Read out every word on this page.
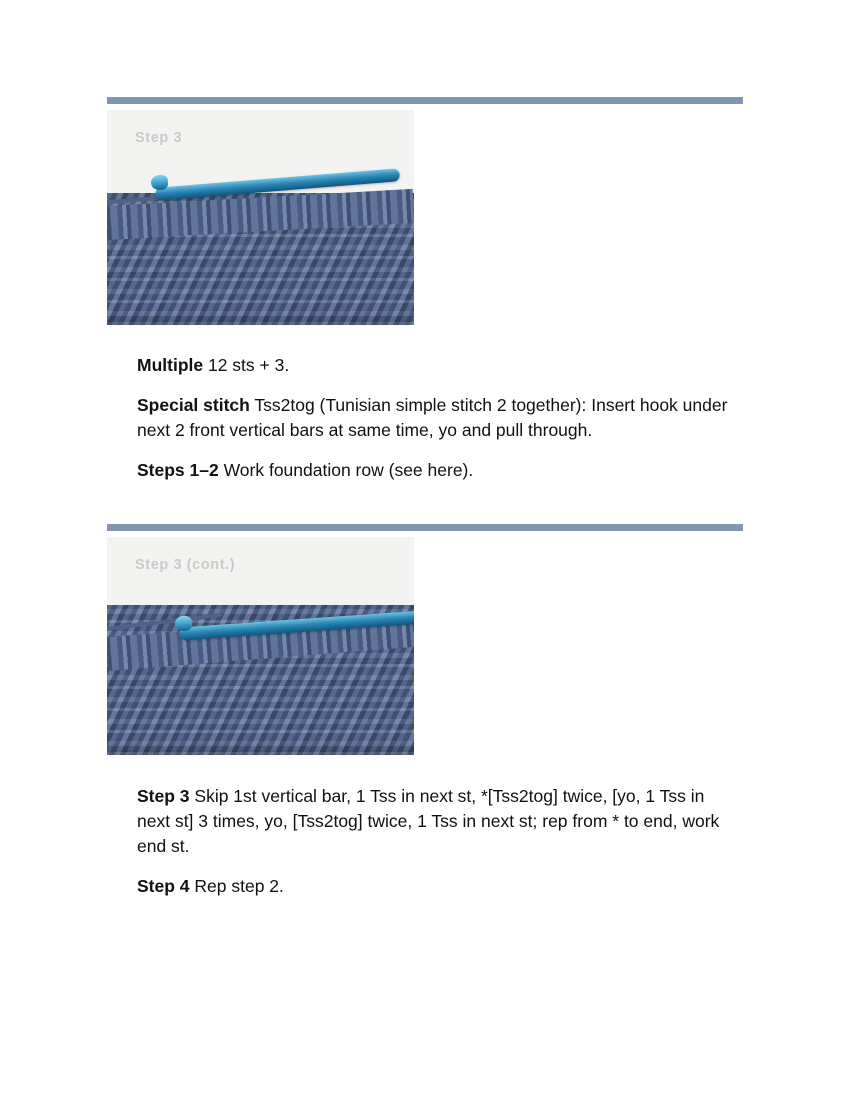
Step 3

Multiple 12 sts + 3.

Special stitch Tss2tog (Tunisian simple stitch 2 together): Insert hook under next 2 front vertical bars at same time, yo and pull through.

Steps 1–2 Work foundation row (see here).

Step 3 (cont.)

Step 3 Skip 1st vertical bar, 1 Tss in next st, *[Tss2tog] twice, [yo, 1 Tss in next st] 3 times, yo, [Tss2tog] twice, 1 Tss in next st; rep from * to end, work end st.

Step 4 Rep step 2.
